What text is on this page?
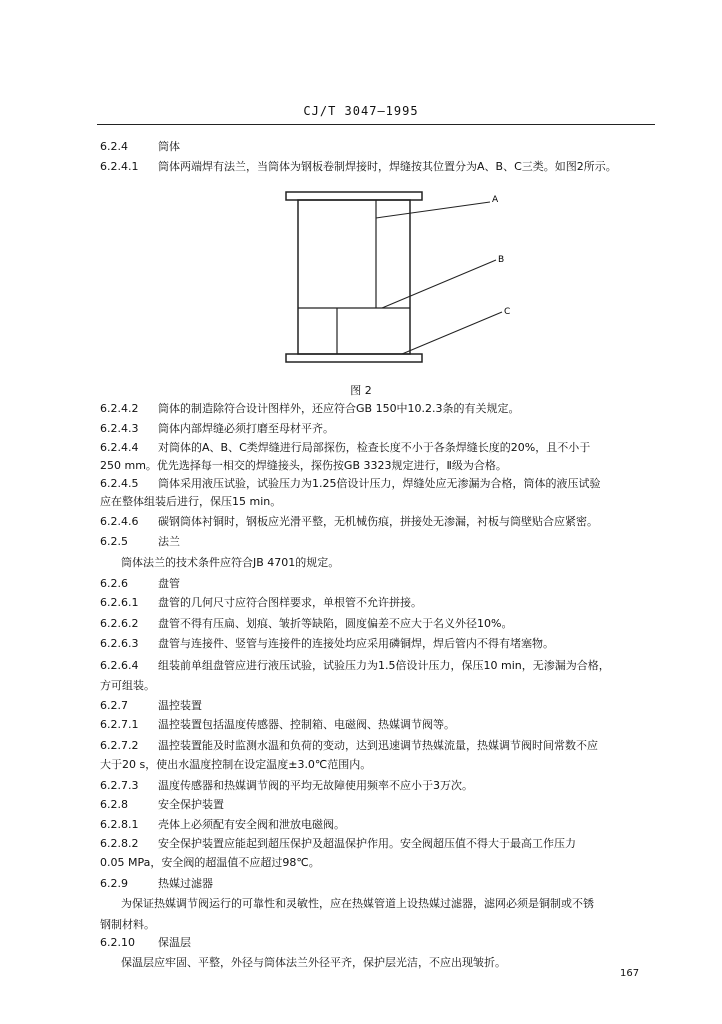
CJ/T 3047—1995
6.2.4	筒体
6.2.4.1 筒体两端焊有法兰，当筒体为钢板卷制焊接时，焊缝按其位置分为A、B、C三类。如图2所示。
6.2.4.2 筒体的制造除符合设计图样外，还应符合GB 150中10.2.3条的有关规定。
6.2.4.3 筒体内部焊缝必须打磨至母材平齐。
6.2.4.4 对筒体的A、B、C类焊缝进行局部探伤，检查长度不小于各条焊缝长度的20%，且不小于
250 mm。优先选择每一相交的焊缝接头，探伤按GB 3323规定进行，Ⅱ级为合格。
6.2.4.5 筒体采用液压试验，试验压力为1.25倍设计压力，焊缝处应无渗漏为合格，筒体的液压试验
应在整体组装后进行，保压15 min。
6.2.4.6 碳钢筒体衬铜时，钢板应光滑平整，无机械伤痕，拼接处无渗漏，衬板与筒壁贴合应紧密。
6.2.5	法兰
筒体法兰的技术条件应符合JB 4701的规定。
6.2.6	盘管
6.2.6.1 盘管的几何尺寸应符合图样要求，单根管不允许拼接。
6.2.6.2 盘管不得有压扁、划痕、皱折等缺陷，圆度偏差不应大于名义外径10%。
6.2.6.3 盘管与连接件、竖管与连接件的连接处均应采用磷铜焊，焊后管内不得有堵塞物。
6.2.6.4 组装前单组盘管应进行液压试验，试验压力为1.5倍设计压力，保压10 min，无渗漏为合格，
方可组装。
6.2.7	温控装置
6.2.7.1 温控装置包括温度传感器、控制箱、电磁阀、热媒调节阀等。
6.2.7.2 温控装置能及时监测水温和负荷的变动，达到迅速调节热媒流量，热媒调节阀时间常数不应
大于20 s，使出水温度控制在设定温度±3.0℃范围内。
6.2.7.3 温度传感器和热媒调节阀的平均无故障使用频率不应小于3万次。
6.2.8	安全保护装置
6.2.8.1 壳体上必须配有安全阀和泄放电磁阀。
6.2.8.2 安全保护装置应能起到超压保护及超温保护作用。安全阀超压值不得大于最高工作压力
0.05 MPa，安全阀的超温值不应超过98℃。
6.2.9	热媒过滤器
为保证热媒调节阀运行的可靠性和灵敏性，应在热媒管道上设热媒过滤器，滤网必须是铜制或不锈
钢制材料。
6.2.10 保温层
保温层应牢固、平整，外径与筒体法兰外径平齐，保护层光洁，不应出现皱折。
A
B
C
图 2
167
